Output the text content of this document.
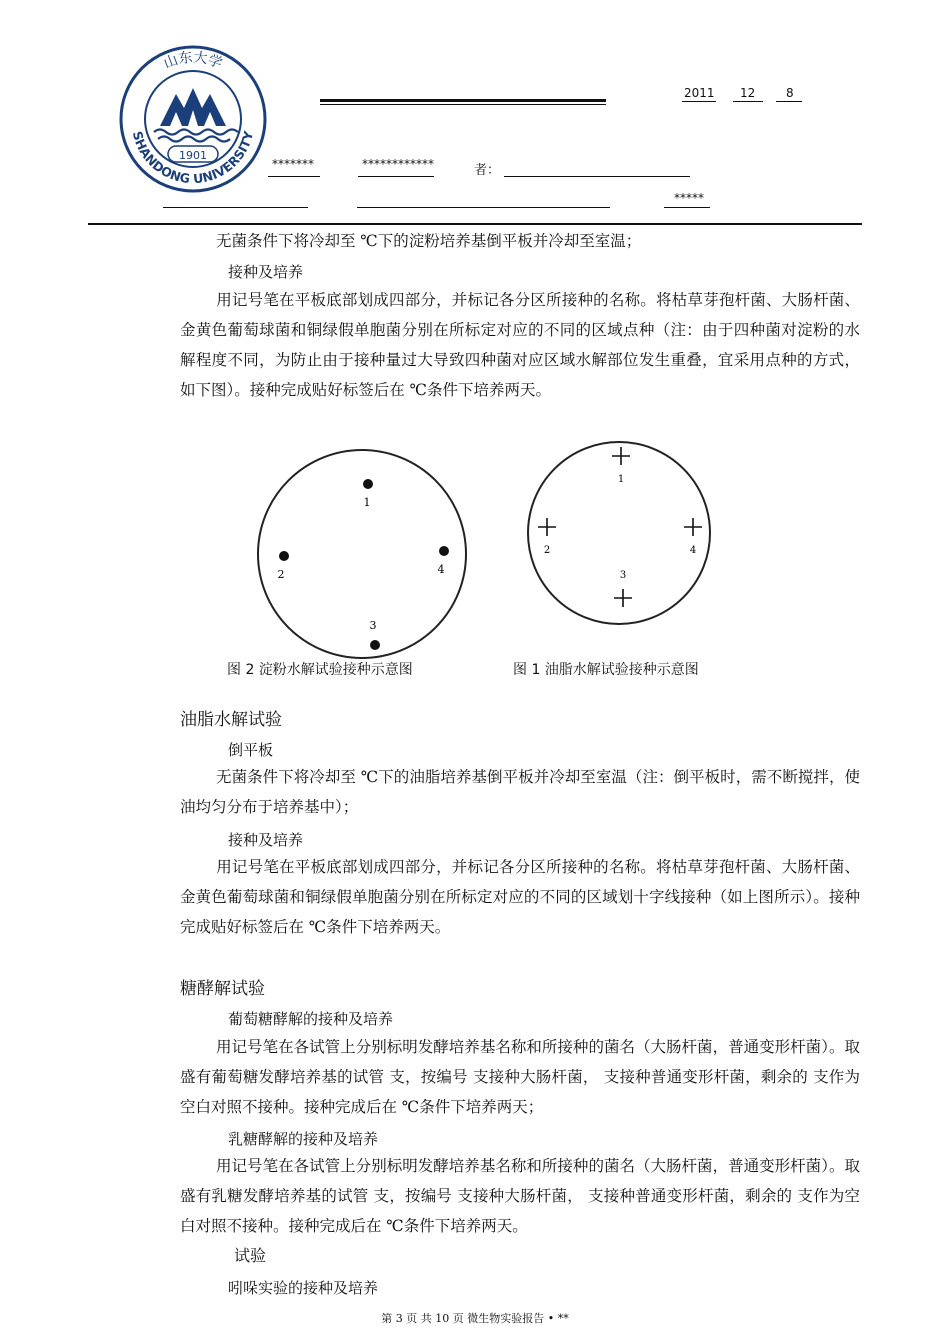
山东大学
SHANDONG UNIVERSITY
1901
2011 12	8
*******	************	者：
*****
无菌条件下将冷却至 ℃下的淀粉培养基倒平板并冷却至室温；
接种及培养
用记号笔在平板底部划成四部分，并标记各分区所接种的名称。将枯草芽孢杆菌、大肠杆菌、金黄色葡萄球菌和铜绿假单胞菌分别在所标定对应的不同的区域点种（注：由于四种菌对淀粉的水解程度不同，为防止由于接种量过大导致四种菌对应区域水解部位发生重叠，宜采用点种的方式，如下图）。接种完成贴好标签后在 ℃条件下培养两天。
1
2
3
4
1
2
3
4
图 2 淀粉水解试验接种示意图	图 1 油脂水解试验接种示意图
油脂水解试验
倒平板
无菌条件下将冷却至 ℃下的油脂培养基倒平板并冷却至室温（注：倒平板时，需不断搅拌，使油均匀分布于培养基中）；
接种及培养
用记号笔在平板底部划成四部分，并标记各分区所接种的名称。将枯草芽孢杆菌、大肠杆菌、金黄色葡萄球菌和铜绿假单胞菌分别在所标定对应的不同的区域划十字线接种（如上图所示）。接种完成贴好标签后在 ℃条件下培养两天。
糖酵解试验
葡萄糖酵解的接种及培养
用记号笔在各试管上分别标明发酵培养基名称和所接种的菌名（大肠杆菌，普通变形杆菌）。取盛有葡萄糖发酵培养基的试管 支，按编号 支接种大肠杆菌， 支接种普通变形杆菌，剩余的 支作为空白对照不接种。接种完成后在 ℃条件下培养两天；
乳糖酵解的接种及培养
用记号笔在各试管上分别标明发酵培养基名称和所接种的菌名（大肠杆菌，普通变形杆菌）。取盛有乳糖发酵培养基的试管 支，按编号 支接种大肠杆菌， 支接种普通变形杆菌，剩余的 支作为空白对照不接种。接种完成后在 ℃条件下培养两天。
试验
吲哚实验的接种及培养
第 3 页 共 10 页 微生物实验报告 • **
